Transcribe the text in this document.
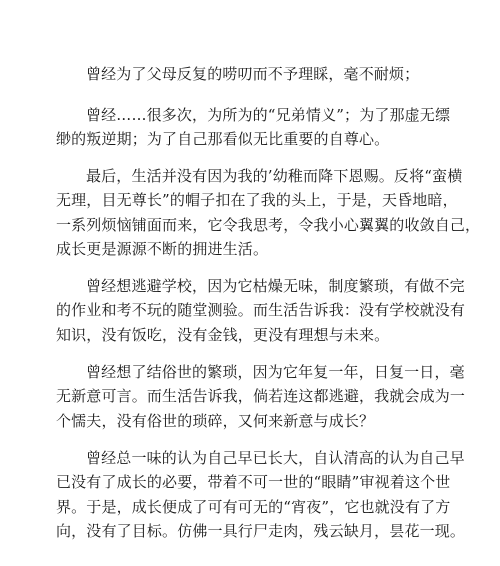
曾经为了父母反复的唠叨而不予理睬，毫不耐烦；

曾经……很多次，为所为的“兄弟情义”；为了那虚无缥
缈的叛逆期；为了自己那看似无比重要的自尊心。

最后，生活并没有因为我的’幼稚而降下恩赐。反将“蛮横
无理，目无尊长”的帽子扣在了我的头上，于是，天昏地暗，
一系列烦恼铺面而来，它令我思考，令我小心翼翼的收敛自己，
成长更是源源不断的拥进生活。

曾经想逃避学校，因为它枯燥无味，制度繁琐，有做不完
的作业和考不玩的随堂测验。而生活告诉我：没有学校就没有
知识，没有饭吃，没有金钱，更没有理想与未来。

曾经想了结俗世的繁琐，因为它年复一年，日复一日，毫
无新意可言。而生活告诉我，倘若连这都逃避，我就会成为一
个懦夫，没有俗世的琐碎，又何来新意与成长？

曾经总一味的认为自己早已长大，自认清高的认为自己早
已没有了成长的必要，带着不可一世的“眼睛”审视着这个世
界。于是，成长便成了可有可无的“宵夜”，它也就没有了方
向，没有了目标。仿佛一具行尸走肉，残云缺月，昙花一现。
